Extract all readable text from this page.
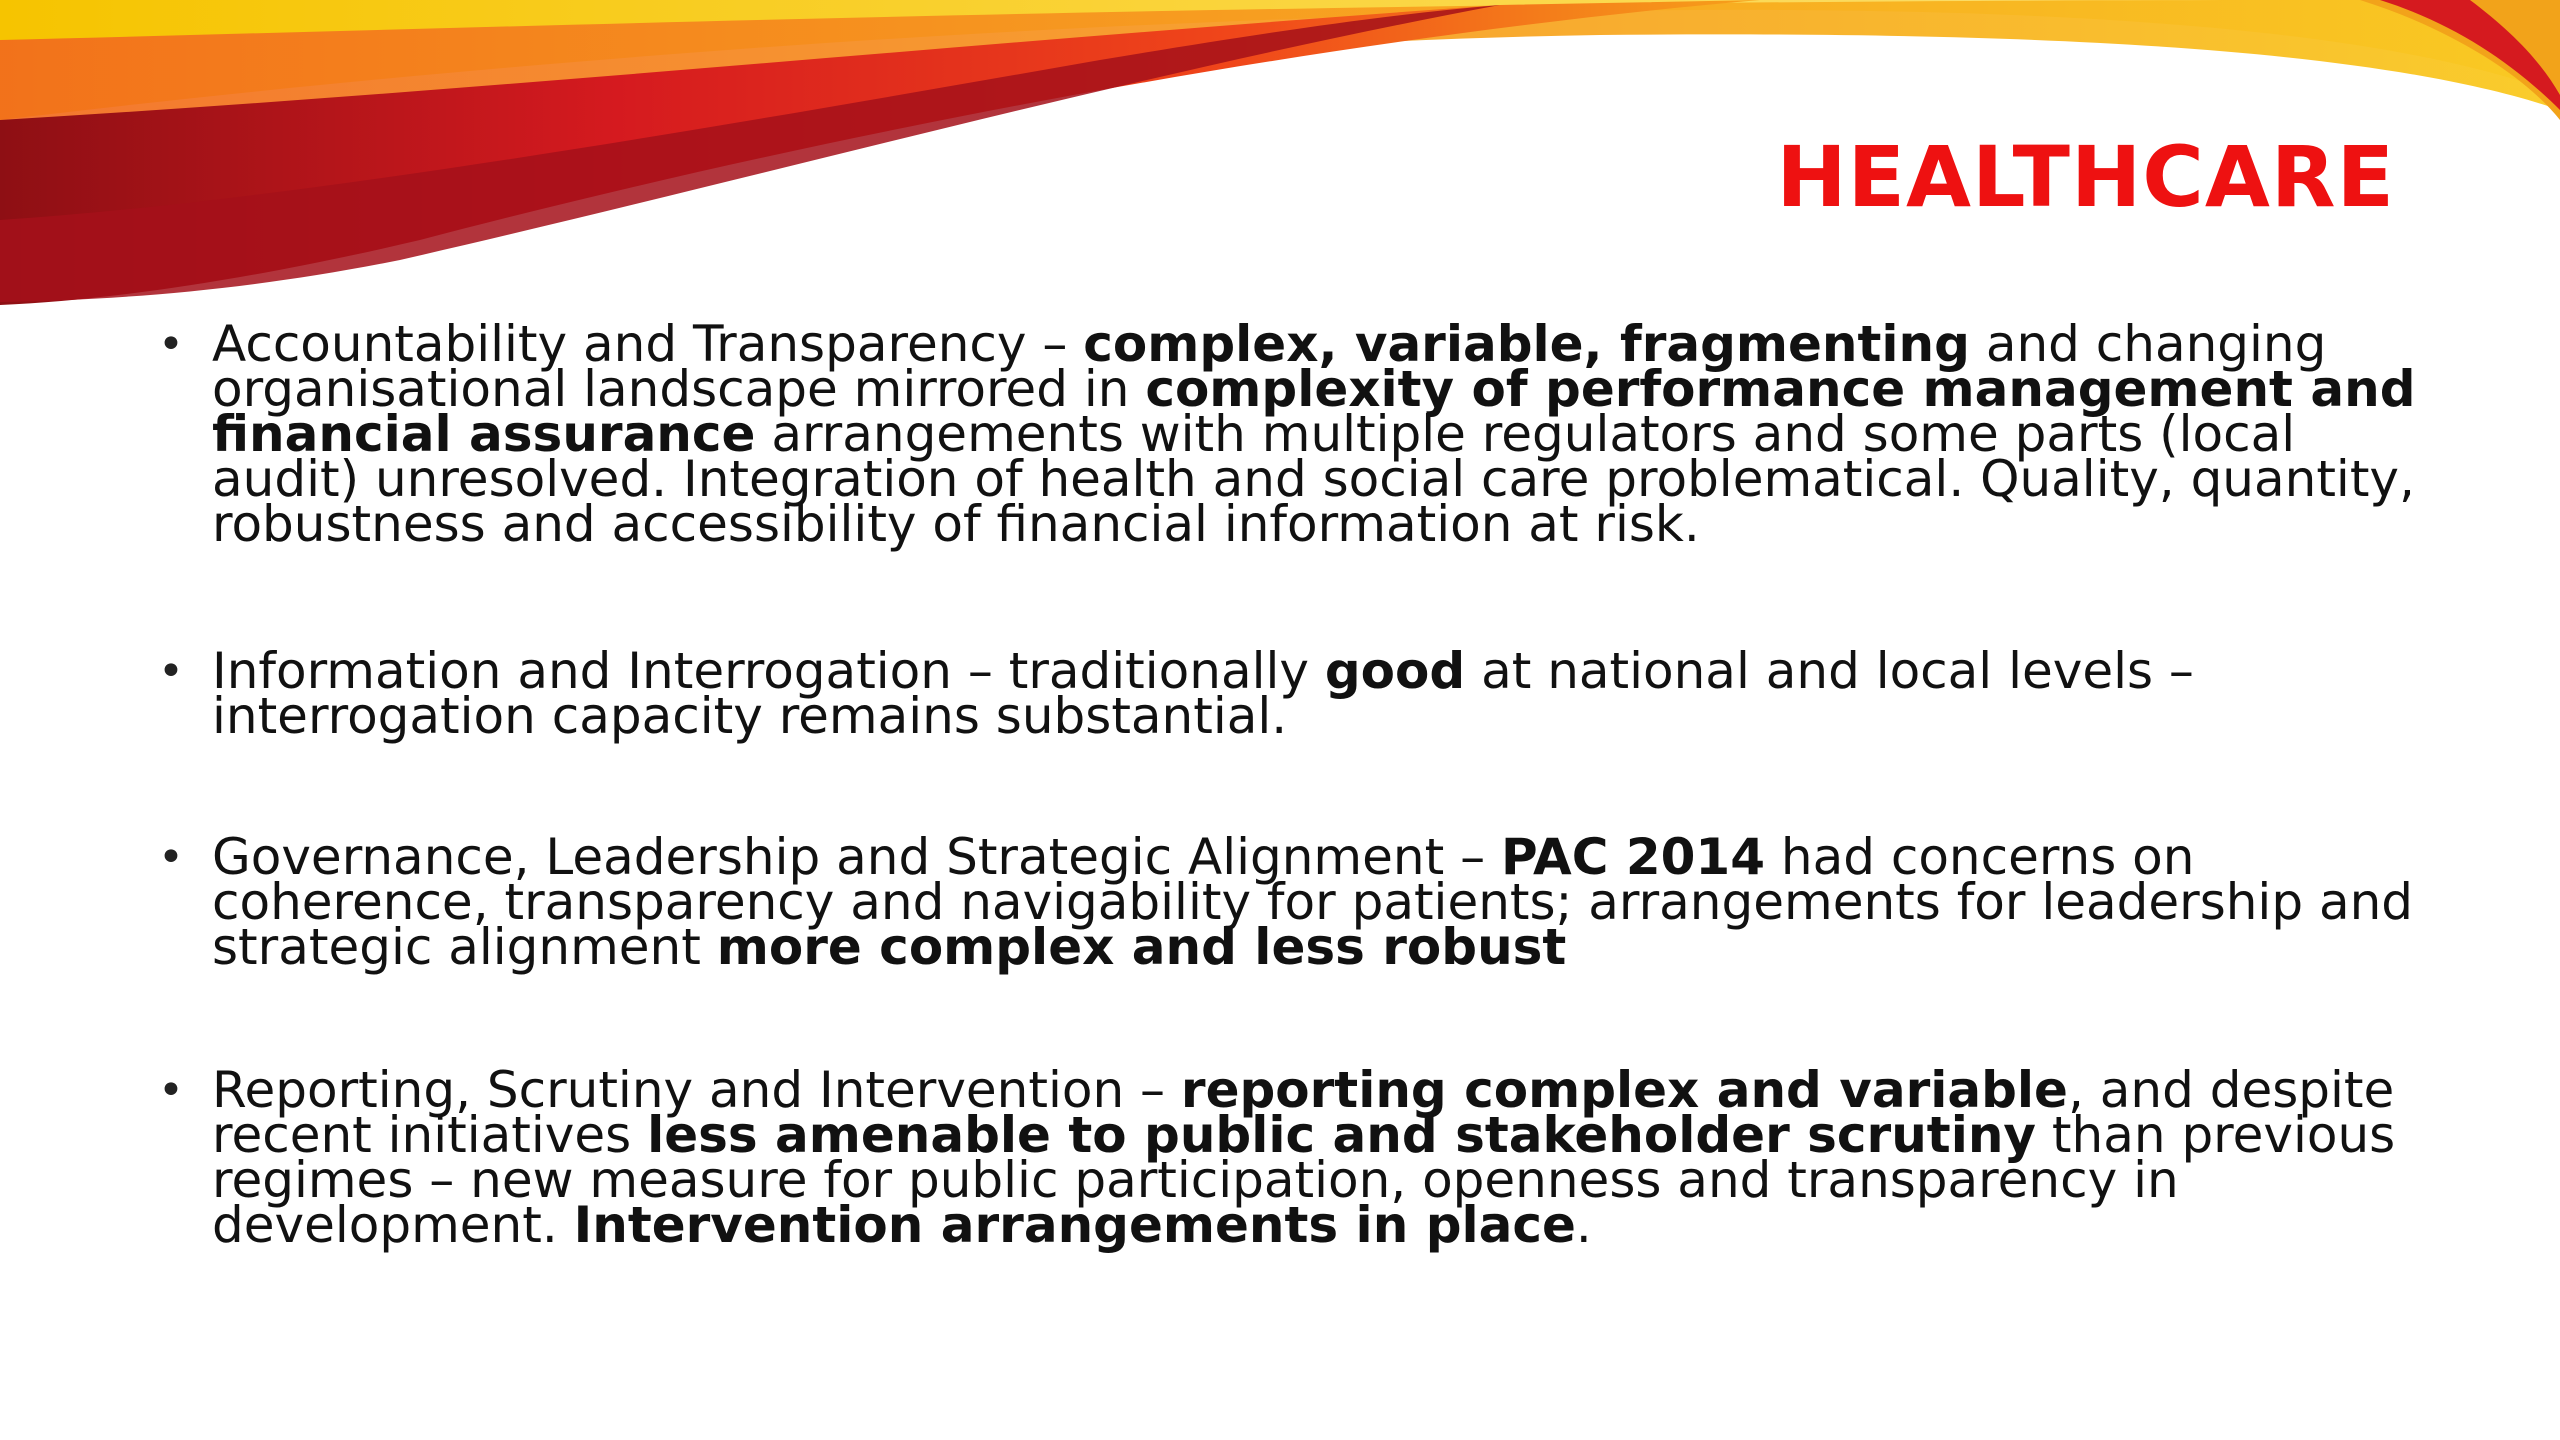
HEALTHCARE
• Accountability and Transparency – complex, variable, fragmenting and changing organisational landscape mirrored in complexity of performance management and financial assurance arrangements with multiple regulators and some parts (local audit) unresolved. Integration of health and social care problematical. Quality, quantity, robustness and accessibility of financial information at risk.
• Information and Interrogation – traditionally good at national and local levels – interrogation capacity remains substantial.
• Governance, Leadership and Strategic Alignment – PAC 2014 had concerns on coherence, transparency and navigability for patients; arrangements for leadership and strategic alignment more complex and less robust
• Reporting, Scrutiny and Intervention – reporting complex and variable, and despite recent initiatives less amenable to public and stakeholder scrutiny than previous regimes – new measure for public participation, openness and transparency in development. Intervention arrangements in place.
